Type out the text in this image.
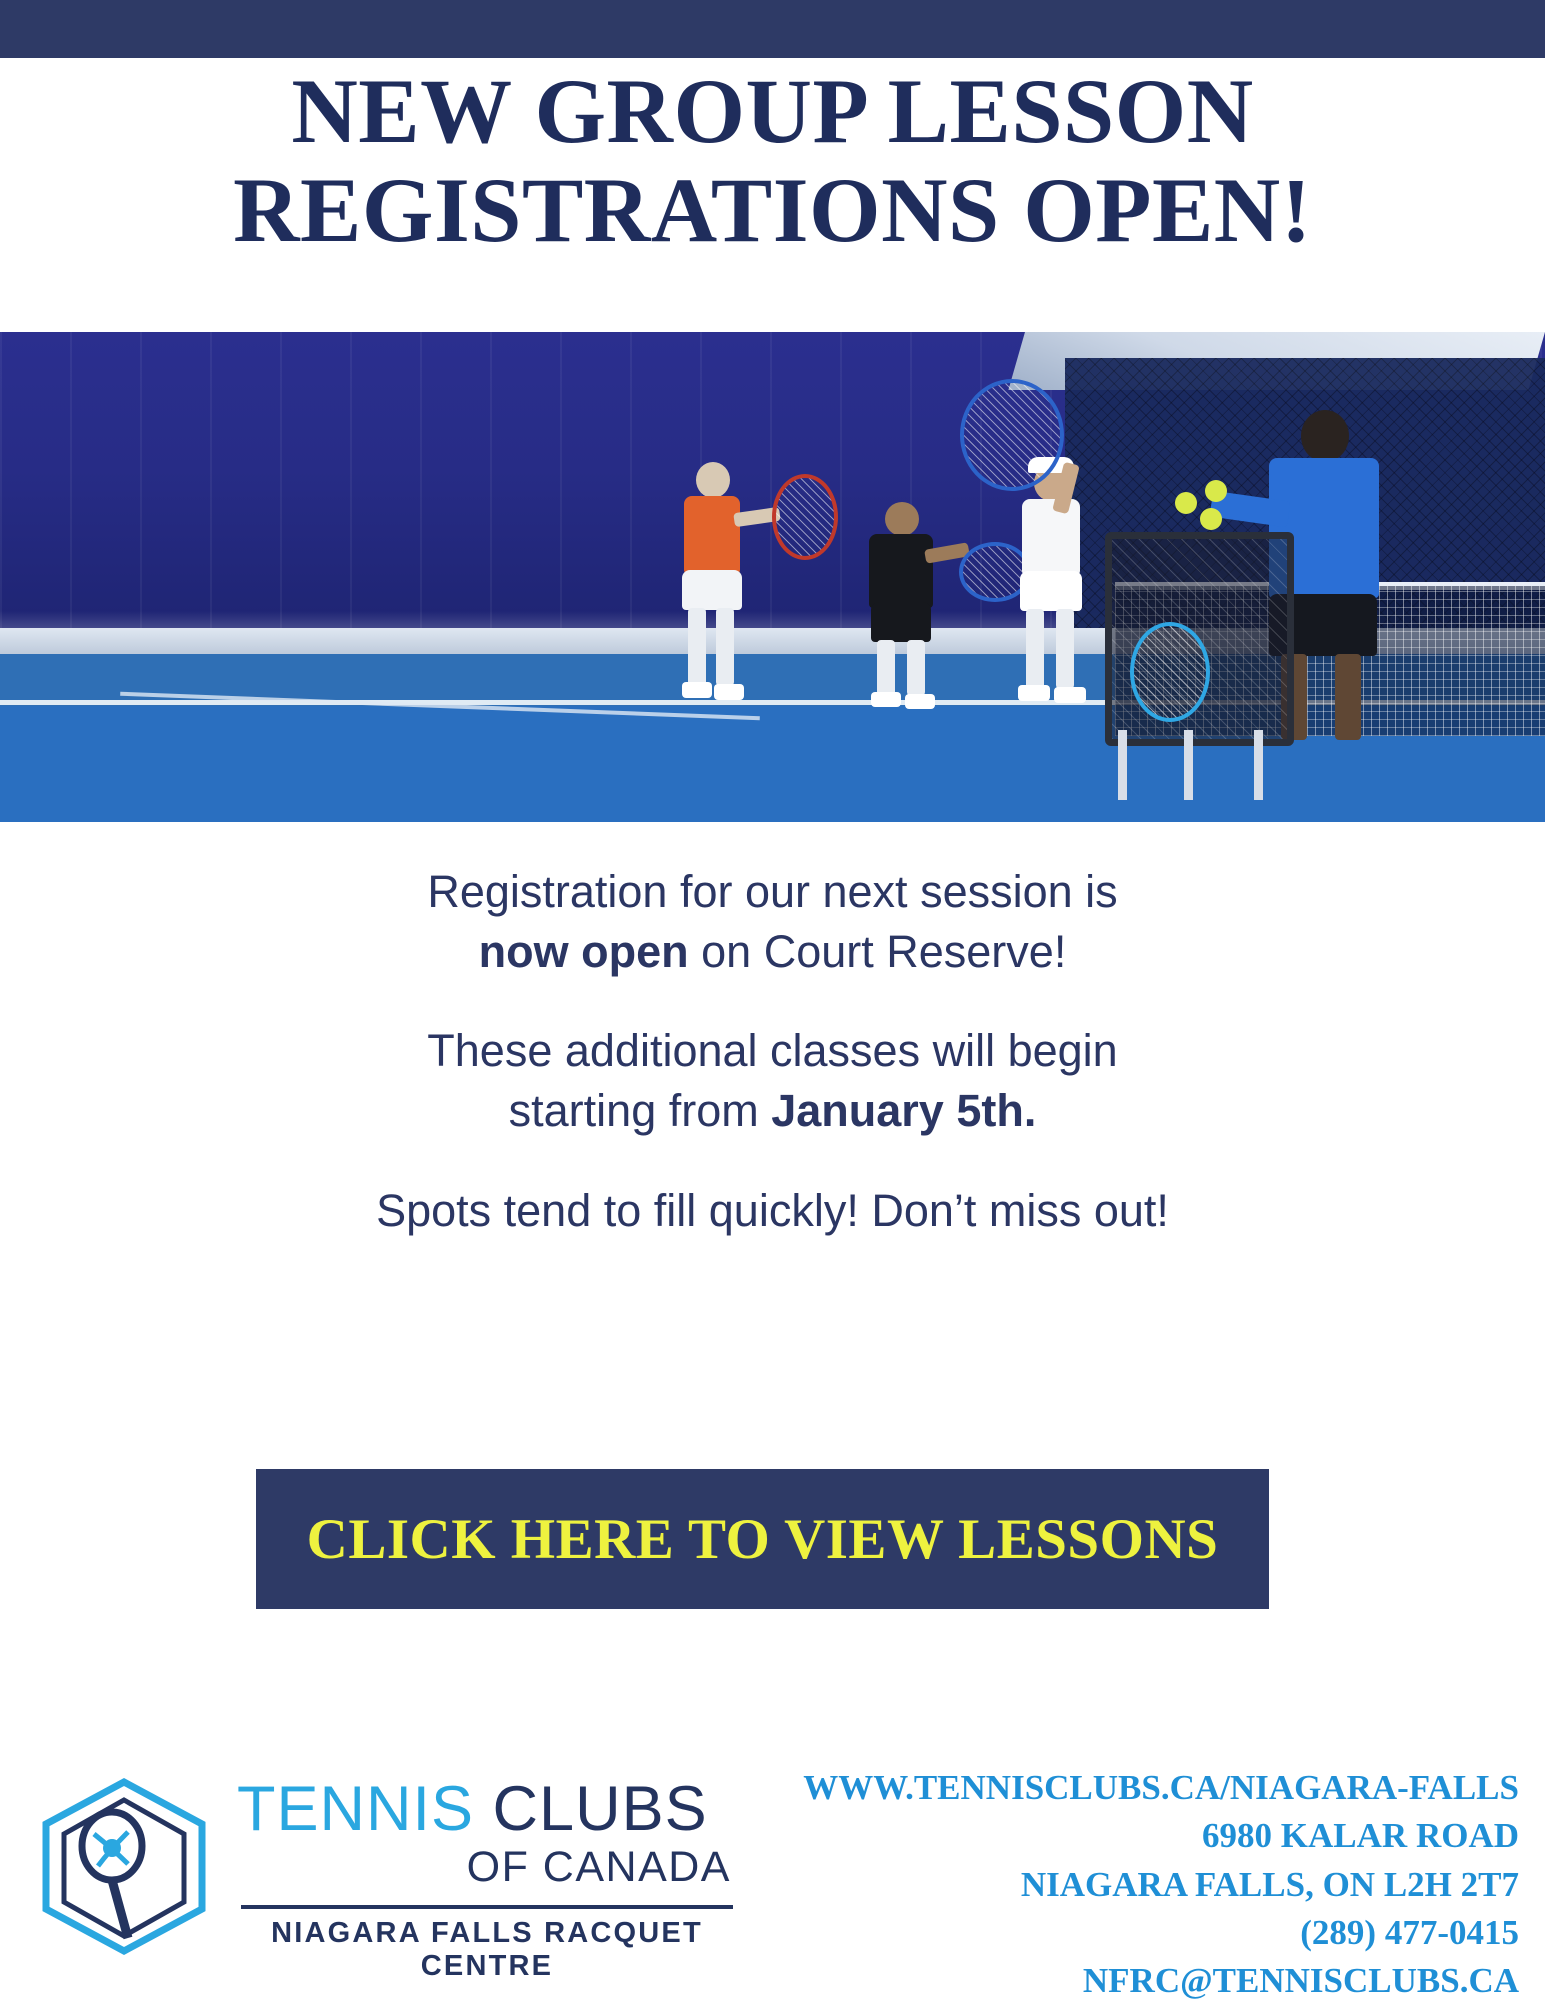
NEW GROUP LESSON
REGISTRATIONS OPEN!

Registration for our next session is
now open on Court Reserve!

These additional classes will begin
starting from January 5th.

Spots tend to fill quickly! Don’t miss out!

CLICK HERE TO VIEW LESSONS
TENNIS CLUBS
OF CANADA
NIAGARA FALLS RACQUET CENTRE
WWW.TENNISCLUBS.CA/NIAGARA-FALLS
6980 KALAR ROAD
NIAGARA FALLS, ON L2H 2T7
(289) 477-0415
NFRC@TENNISCLUBS.CA
